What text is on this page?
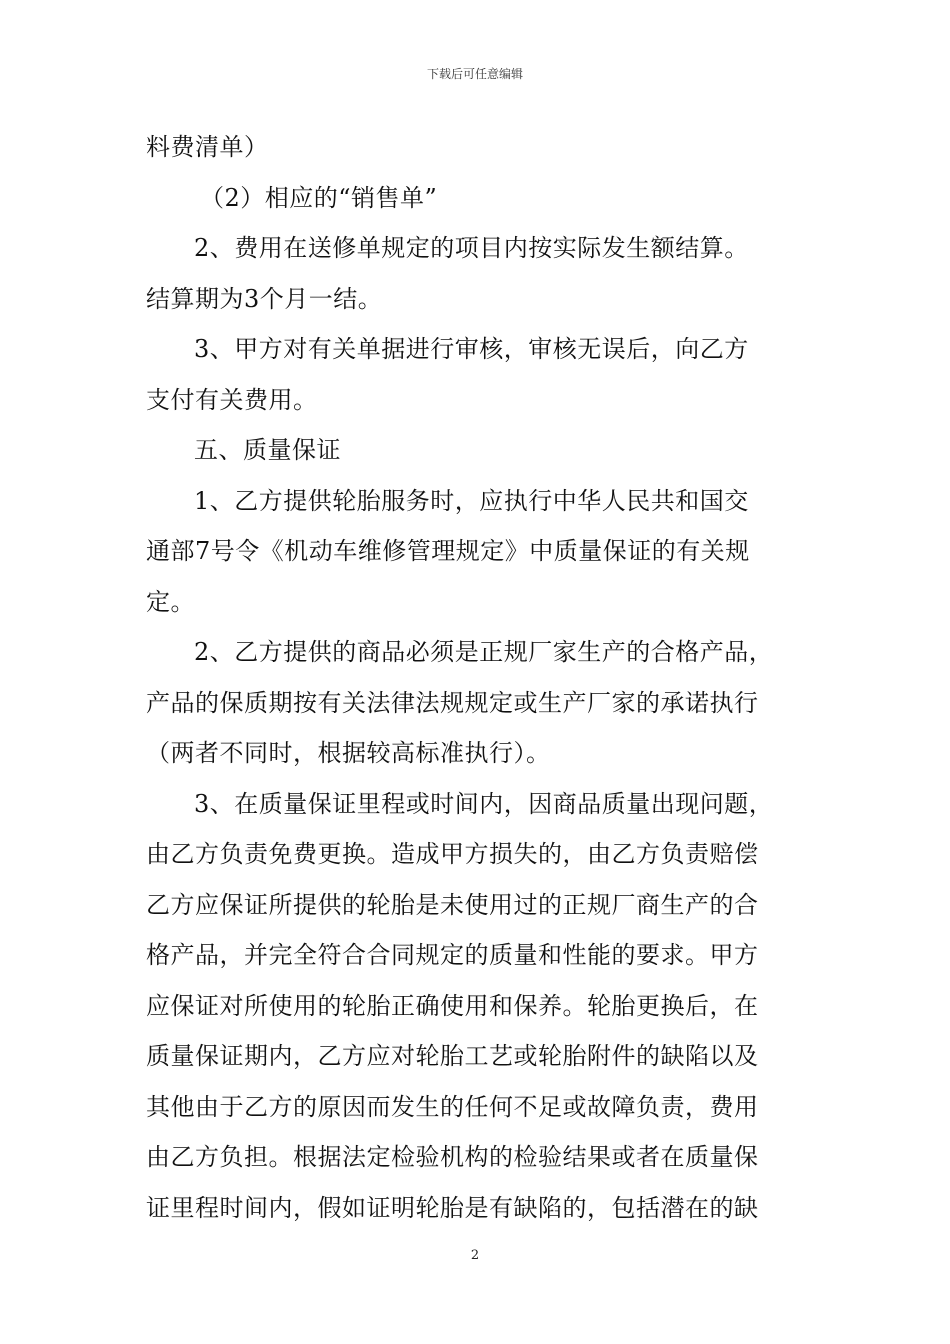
下载后可任意编辑
料费清单）
（2）相应的“销售单”
2、费用在送修单规定的项目内按实际发生额结算。
结算期为3个月一结。
3、甲方对有关单据进行审核，审核无误后，向乙方
支付有关费用。
五、质量保证
1、乙方提供轮胎服务时，应执行中华人民共和国交
通部7号令《机动车维修管理规定》中质量保证的有关规
定。
2、乙方提供的商品必须是正规厂家生产的合格产品，
产品的保质期按有关法律法规规定或生产厂家的承诺执行
（两者不同时，根据较高标准执行）。
3、在质量保证里程或时间内，因商品质量出现问题，
由乙方负责免费更换。造成甲方损失的，由乙方负责赔偿
乙方应保证所提供的轮胎是未使用过的正规厂商生产的合
格产品，并完全符合合同规定的质量和性能的要求。甲方
应保证对所使用的轮胎正确使用和保养。轮胎更换后，在
质量保证期内，乙方应对轮胎工艺或轮胎附件的缺陷以及
其他由于乙方的原因而发生的任何不足或故障负责，费用
由乙方负担。根据法定检验机构的检验结果或者在质量保
证里程时间内，假如证明轮胎是有缺陷的，包括潜在的缺
2
